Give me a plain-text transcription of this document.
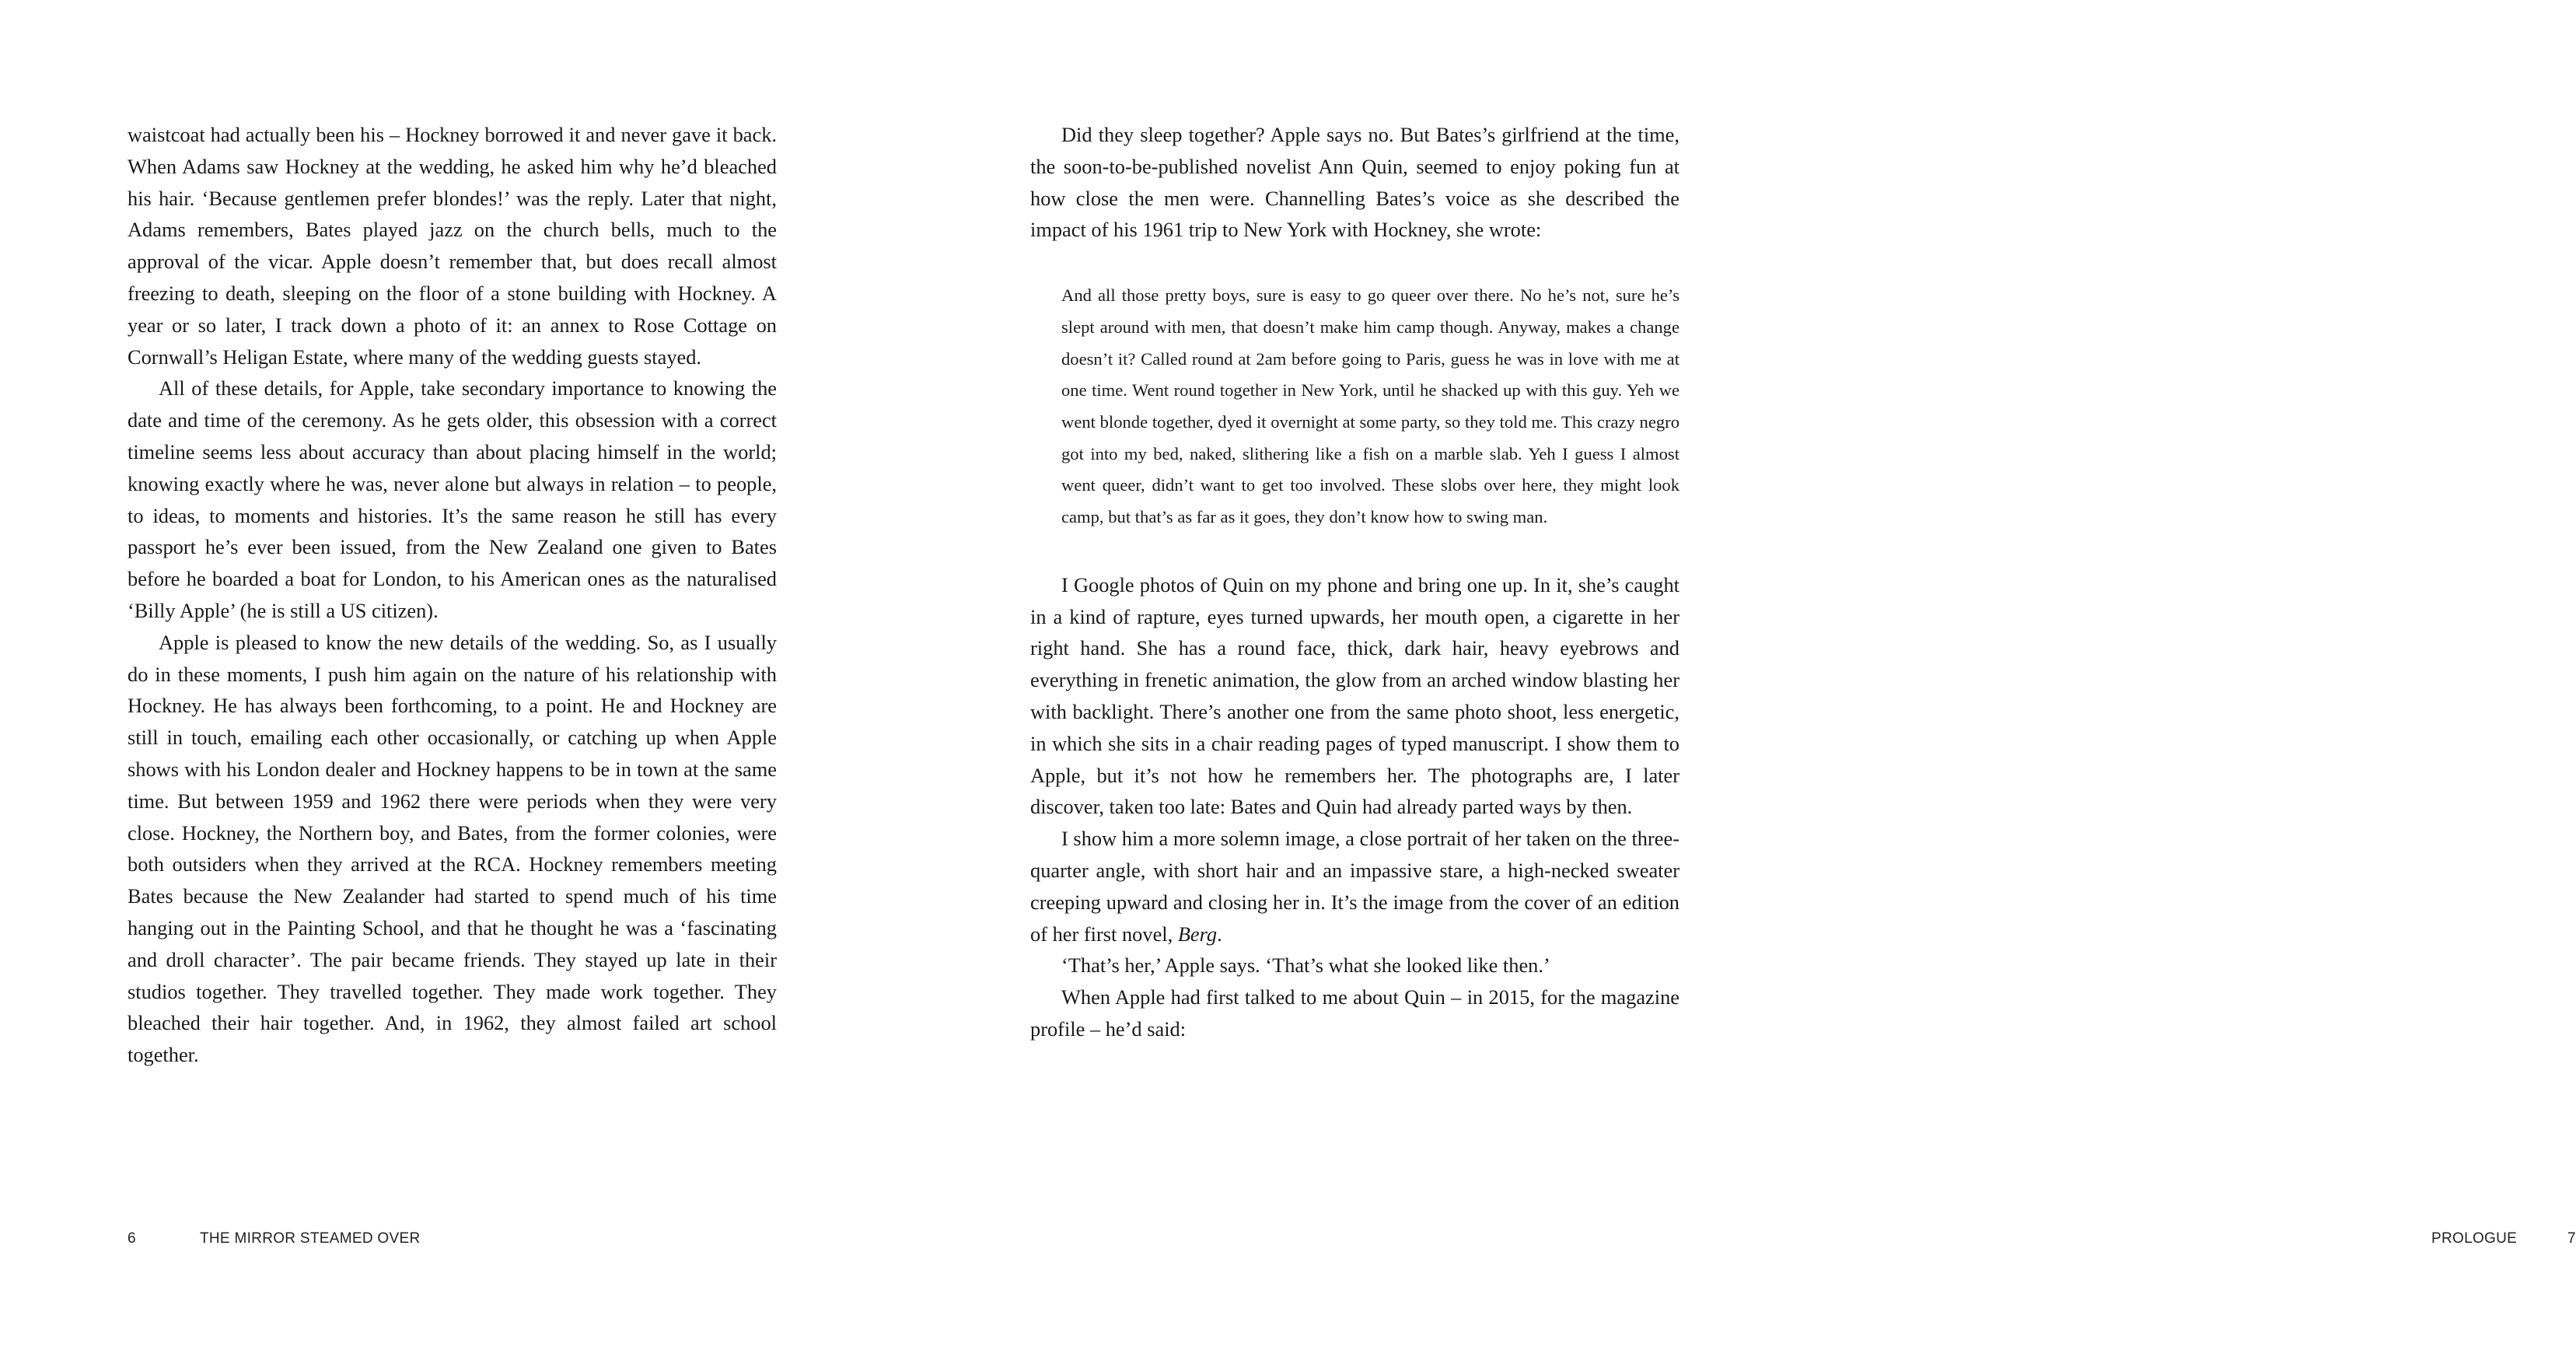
waistcoat had actually been his – Hockney borrowed it and never gave it back. When Adams saw Hockney at the wedding, he asked him why he’d bleached his hair. ‘Because gentlemen prefer blondes!’ was the reply. Later that night, Adams remembers, Bates played jazz on the church bells, much to the approval of the vicar. Apple doesn’t remember that, but does recall almost freezing to death, sleeping on the floor of a stone building with Hockney. A year or so later, I track down a photo of it: an annex to Rose Cottage on Cornwall’s Heligan Estate, where many of the wedding guests stayed.

All of these details, for Apple, take secondary importance to knowing the date and time of the ceremony. As he gets older, this obsession with a correct timeline seems less about accuracy than about placing himself in the world; knowing exactly where he was, never alone but always in relation – to people, to ideas, to moments and histories. It’s the same reason he still has every passport he’s ever been issued, from the New Zealand one given to Bates before he boarded a boat for London, to his American ones as the naturalised ‘Billy Apple’ (he is still a US citizen).

Apple is pleased to know the new details of the wedding. So, as I usually do in these moments, I push him again on the nature of his relationship with Hockney. He has always been forthcoming, to a point. He and Hockney are still in touch, emailing each other occasionally, or catching up when Apple shows with his London dealer and Hockney happens to be in town at the same time. But between 1959 and 1962 there were periods when they were very close. Hockney, the Northern boy, and Bates, from the former colonies, were both outsiders when they arrived at the RCA. Hockney remembers meeting Bates because the New Zealander had started to spend much of his time hanging out in the Painting School, and that he thought he was a ‘fascinating and droll character’. The pair became friends. They stayed up late in their studios together. They travelled together. They made work together. They bleached their hair together. And, in 1962, they almost failed art school together.

6	THE MIRROR STEAMED OVER

Did they sleep together? Apple says no. But Bates’s girlfriend at the time, the soon-to-be-published novelist Ann Quin, seemed to enjoy poking fun at how close the men were. Channelling Bates’s voice as she described the impact of his 1961 trip to New York with Hockney, she wrote:

And all those pretty boys, sure is easy to go queer over there. No he’s not, sure he’s slept around with men, that doesn’t make him camp though. Anyway, makes a change doesn’t it? Called round at 2am before going to Paris, guess he was in love with me at one time. Went round together in New York, until he shacked up with this guy. Yeh we went blonde together, dyed it overnight at some party, so they told me. This crazy negro got into my bed, naked, slithering like a fish on a marble slab. Yeh I guess I almost went queer, didn’t want to get too involved. These slobs over here, they might look camp, but that’s as far as it goes, they don’t know how to swing man.

I Google photos of Quin on my phone and bring one up. In it, she’s caught in a kind of rapture, eyes turned upwards, her mouth open, a cigarette in her right hand. She has a round face, thick, dark hair, heavy eyebrows and everything in frenetic animation, the glow from an arched window blasting her with backlight. There’s another one from the same photo shoot, less energetic, in which she sits in a chair reading pages of typed manuscript. I show them to Apple, but it’s not how he remembers her. The photographs are, I later discover, taken too late: Bates and Quin had already parted ways by then.

I show him a more solemn image, a close portrait of her taken on the three-quarter angle, with short hair and an impassive stare, a high-necked sweater creeping upward and closing her in. It’s the image from the cover of an edition of her first novel, Berg.

‘That’s her,’ Apple says. ‘That’s what she looked like then.’

When Apple had first talked to me about Quin – in 2015, for the magazine profile – he’d said:

PROLOGUE	7
